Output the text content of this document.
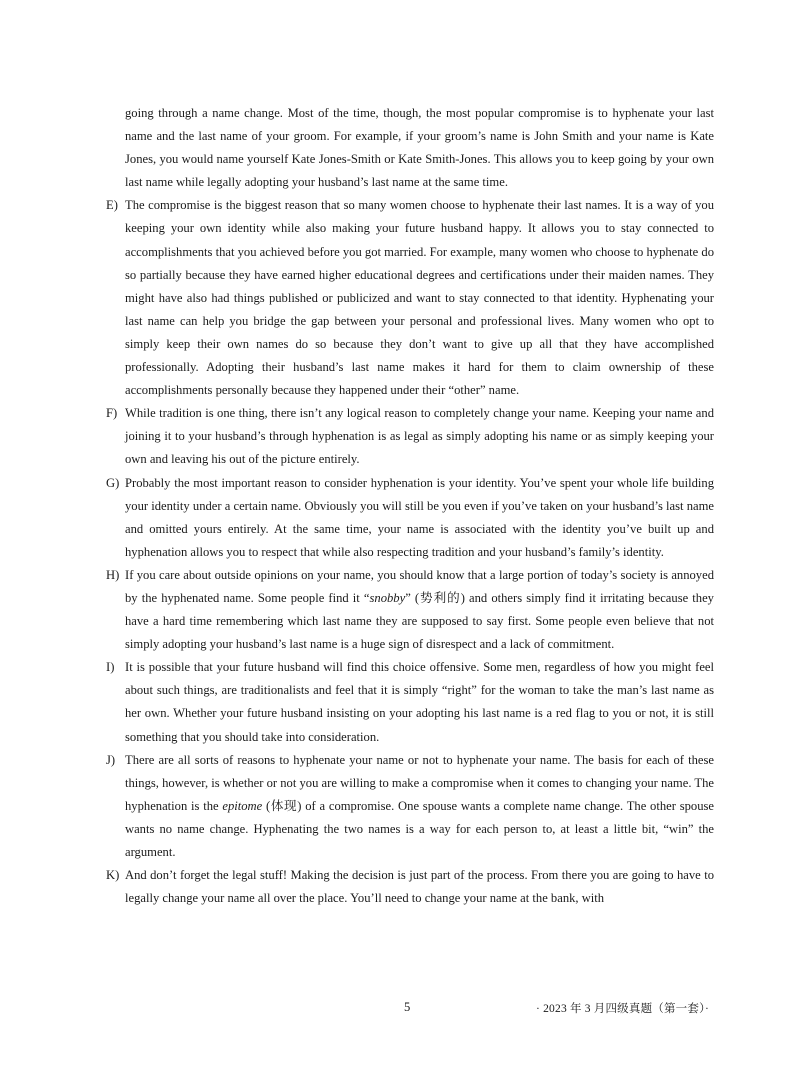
going through a name change. Most of the time, though, the most popular compromise is to hyphenate your last name and the last name of your groom. For example, if your groom’s name is John Smith and your name is Kate Jones, you would name yourself Kate Jones-Smith or Kate Smith-Jones. This allows you to keep going by your own last name while legally adopting your husband’s last name at the same time.
E) The compromise is the biggest reason that so many women choose to hyphenate their last names. It is a way of you keeping your own identity while also making your future husband happy. It allows you to stay connected to accomplishments that you achieved before you got married. For example, many women who choose to hyphenate do so partially because they have earned higher educational degrees and certifications under their maiden names. They might have also had things published or publicized and want to stay connected to that identity. Hyphenating your last name can help you bridge the gap between your personal and professional lives. Many women who opt to simply keep their own names do so because they don’t want to give up all that they have accomplished professionally. Adopting their husband’s last name makes it hard for them to claim ownership of these accomplishments personally because they happened under their “other” name.
F) While tradition is one thing, there isn’t any logical reason to completely change your name. Keeping your name and joining it to your husband’s through hyphenation is as legal as simply adopting his name or as simply keeping your own and leaving his out of the picture entirely.
G) Probably the most important reason to consider hyphenation is your identity. You’ve spent your whole life building your identity under a certain name. Obviously you will still be you even if you’ve taken on your husband’s last name and omitted yours entirely. At the same time, your name is associated with the identity you’ve built up and hyphenation allows you to respect that while also respecting tradition and your husband’s family’s identity.
H) If you care about outside opinions on your name, you should know that a large portion of today’s society is annoyed by the hyphenated name. Some people find it “snobby” (势利的) and others simply find it irritating because they have a hard time remembering which last name they are supposed to say first. Some people even believe that not simply adopting your husband’s last name is a huge sign of disrespect and a lack of commitment.
I) It is possible that your future husband will find this choice offensive. Some men, regardless of how you might feel about such things, are traditionalists and feel that it is simply “right” for the woman to take the man’s last name as her own. Whether your future husband insisting on your adopting his last name is a red flag to you or not, it is still something that you should take into consideration.
J) There are all sorts of reasons to hyphenate your name or not to hyphenate your name. The basis for each of these things, however, is whether or not you are willing to make a compromise when it comes to changing your name. The hyphenation is the epitome (体现) of a compromise. One spouse wants a complete name change. The other spouse wants no name change. Hyphenating the two names is a way for each person to, at least a little bit, “win” the argument.
K) And don’t forget the legal stuff! Making the decision is just part of the process. From there you are going to have to legally change your name all over the place. You’ll need to change your name at the bank, with
5	· 2023 年 3 月四级真题（第一套）·
